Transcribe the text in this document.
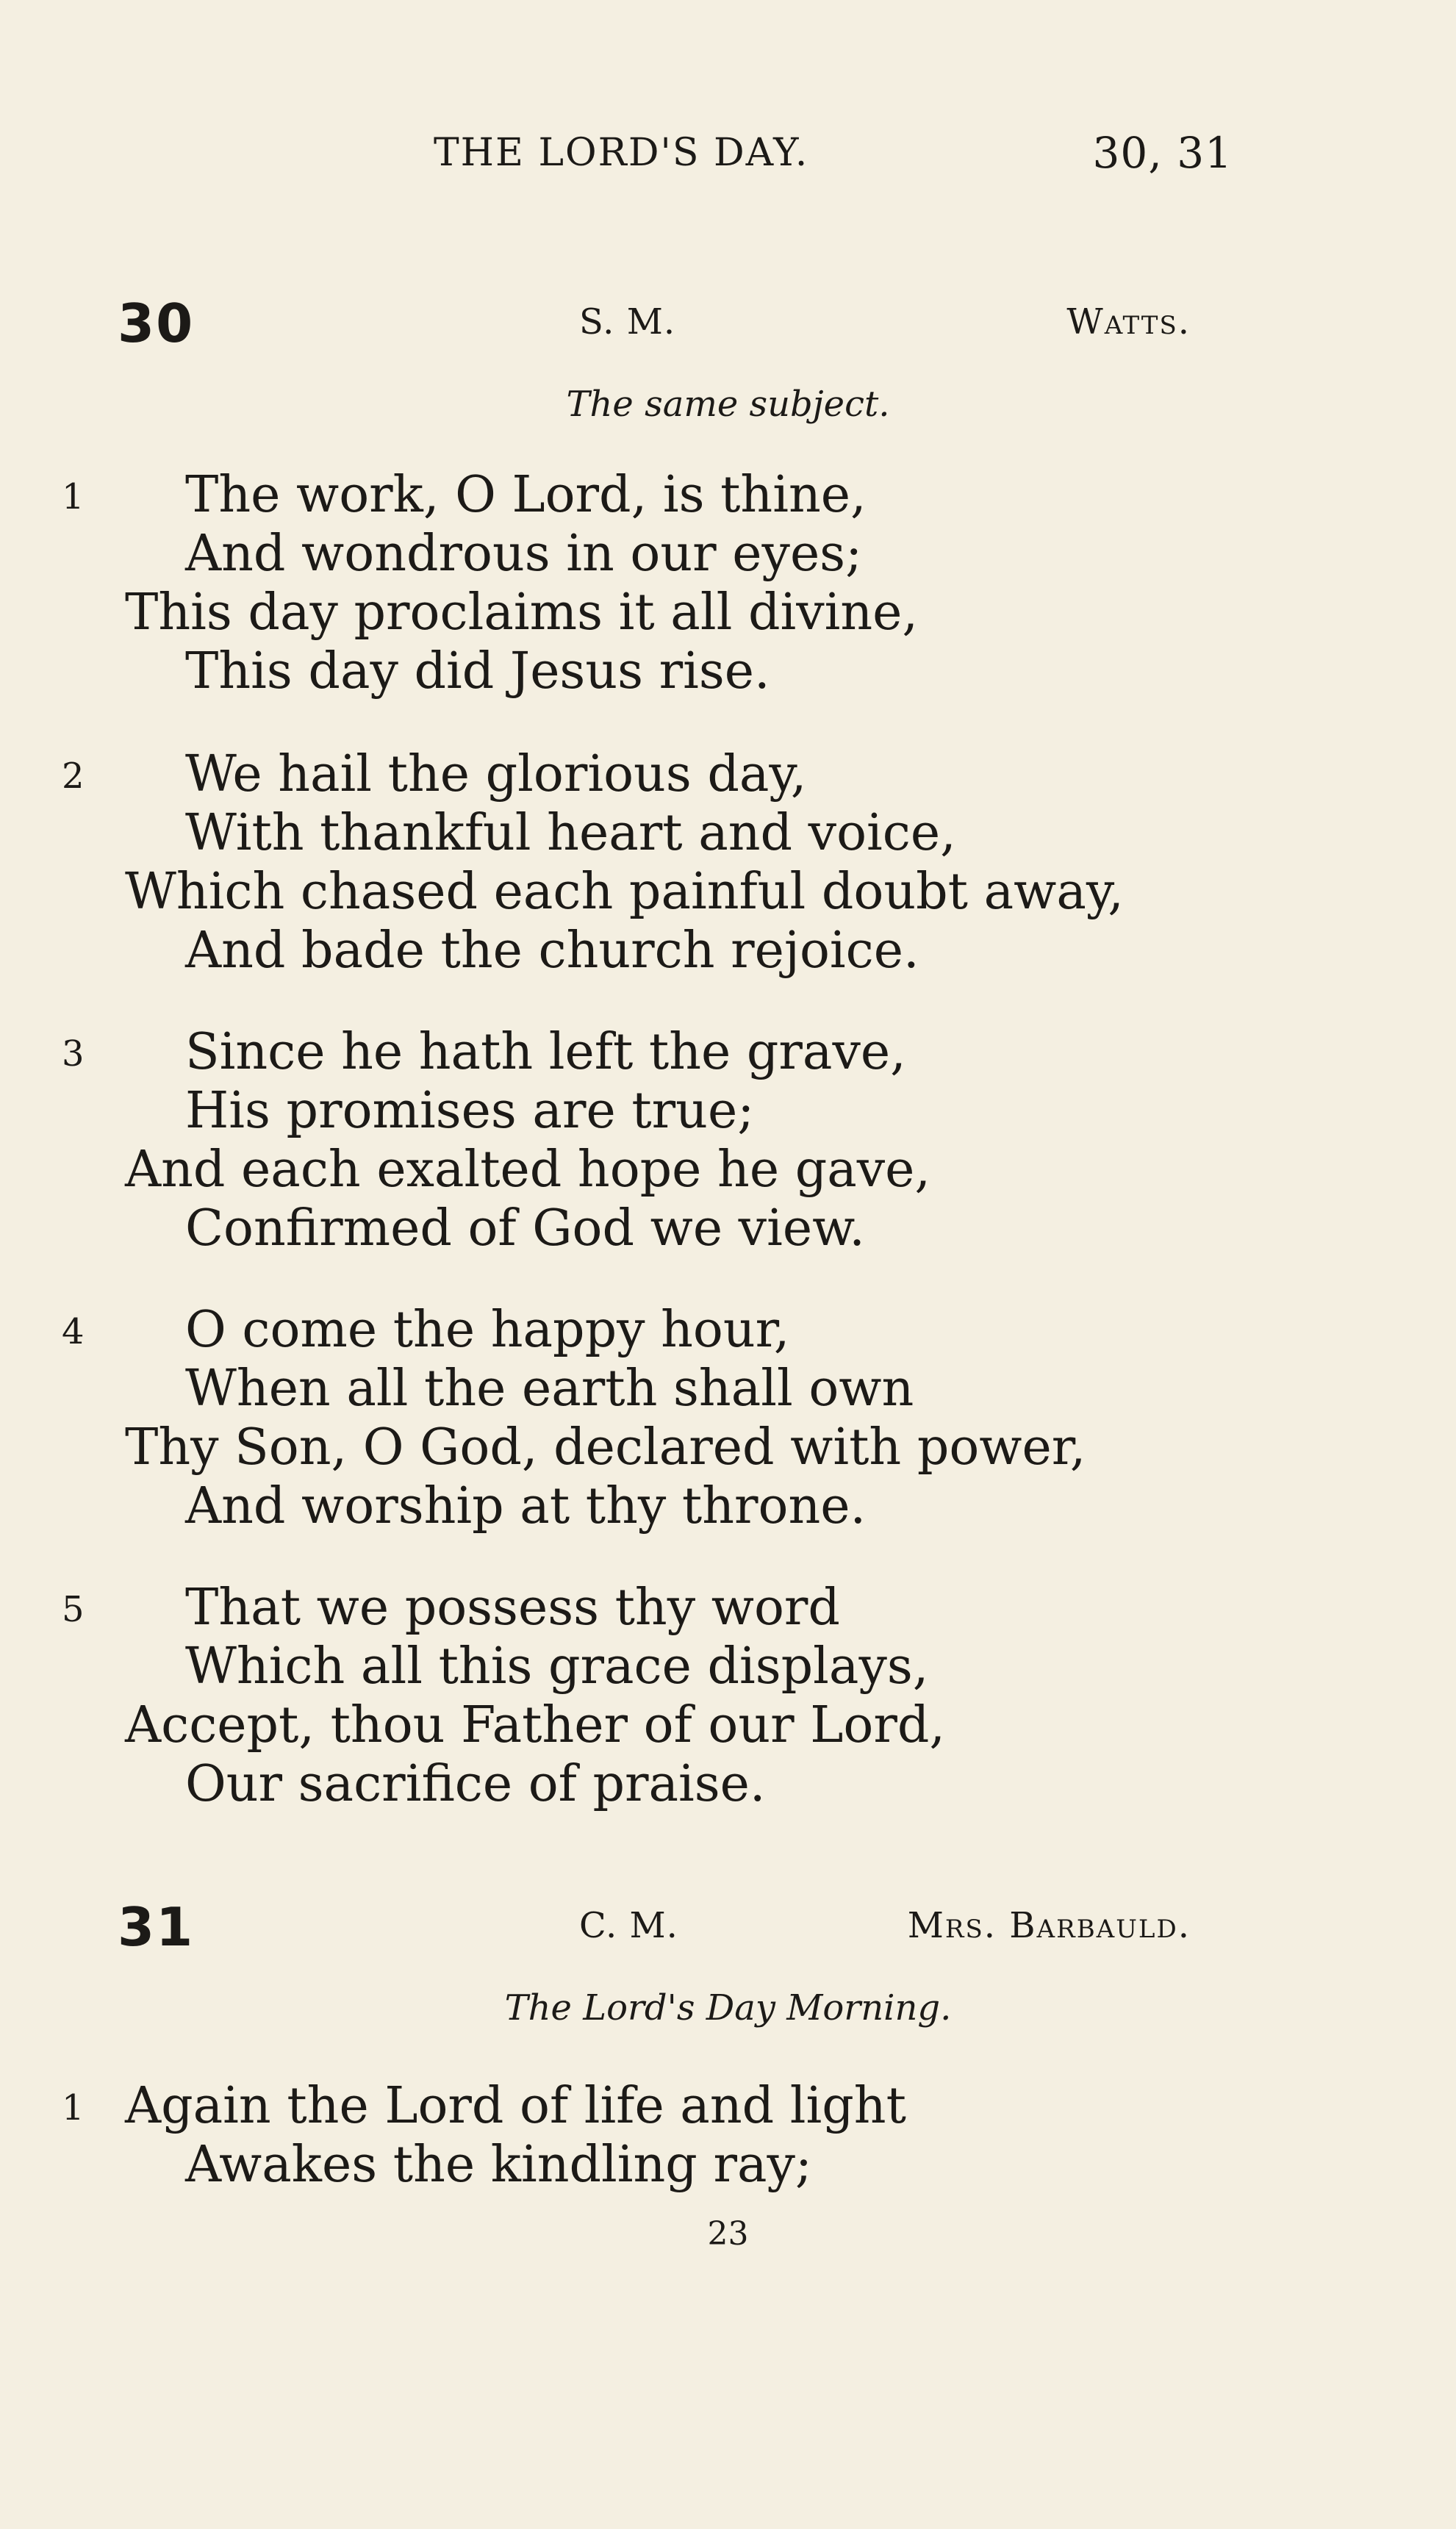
THE LORD'S DAY.	30, 31
30	S. M.	Watts.
The same subject.
1 The work, O Lord, is thine,
And wondrous in our eyes;
This day proclaims it all divine,
This day did Jesus rise.
2 We hail the glorious day,
With thankful heart and voice,
Which chased each painful doubt away,
And bade the church rejoice.
3 Since he hath left the grave,
His promises are true;
And each exalted hope he gave,
Confirmed of God we view.
4 O come the happy hour,
When all the earth shall own
Thy Son, O God, declared with power,
And worship at thy throne.
5 That we possess thy word
Which all this grace displays,
Accept, thou Father of our Lord,
Our sacrifice of praise.
31	C. M.	Mrs. Barbauld.
The Lord's Day Morning.
1 Again the Lord of life and light
Awakes the kindling ray;
23
